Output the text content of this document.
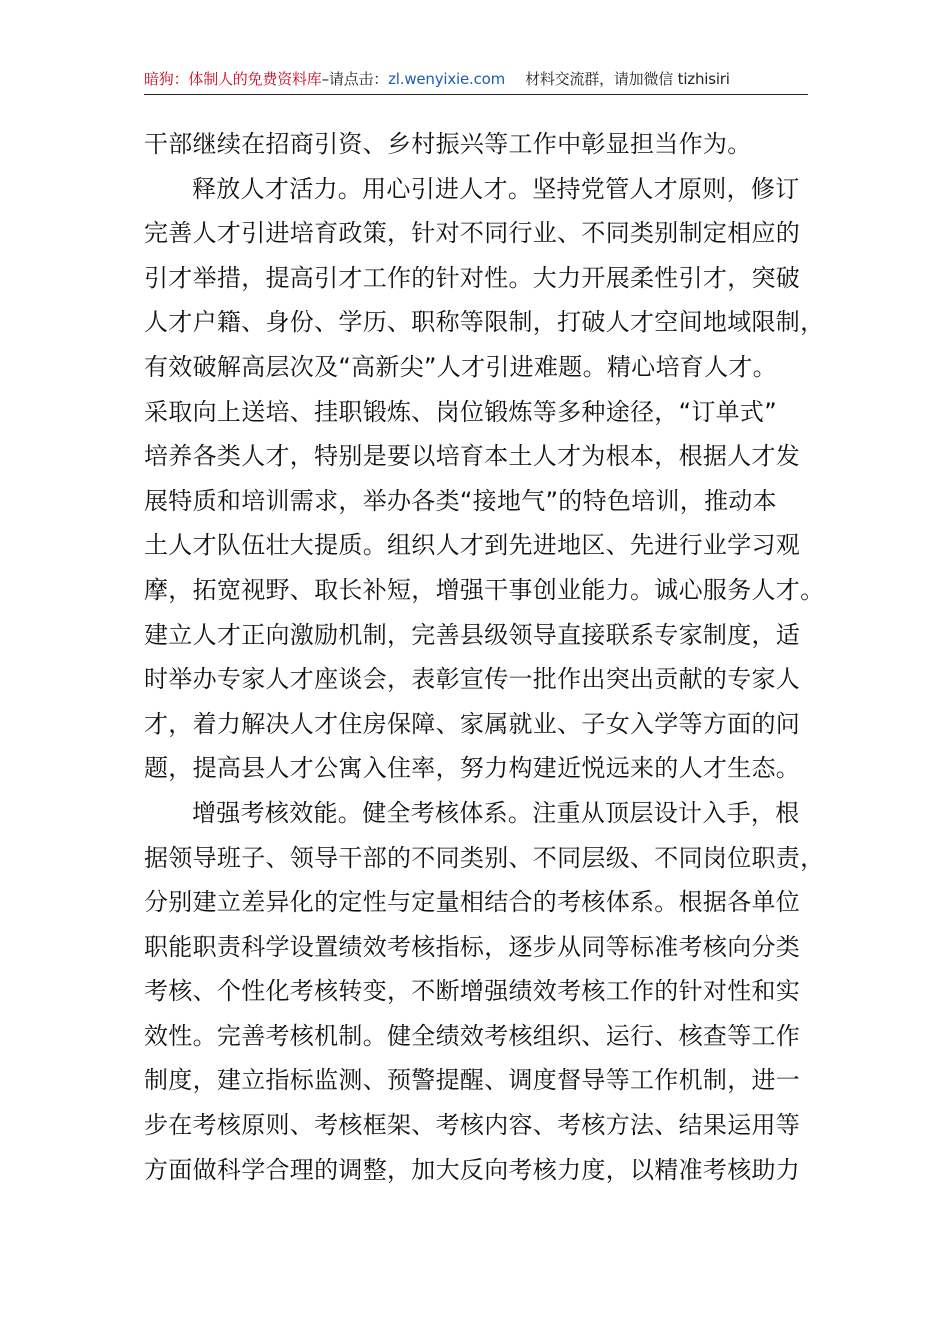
暗狗：体制人的免费资料库–请点击：zl.wenyixie.com 材料交流群，请加微信 tizhisiri
干部继续在招商引资、乡村振兴等工作中彰显担当作为。
释放人才活力。用心引进人才。坚持党管人才原则，修订
完善人才引进培育政策，针对不同行业、不同类别制定相应的
引才举措，提高引才工作的针对性。大力开展柔性引才，突破
人才户籍、身份、学历、职称等限制，打破人才空间地域限制，
有效破解高层次及“高新尖”人才引进难题。精心培育人才。
采取向上送培、挂职锻炼、岗位锻炼等多种途径，“订单式”
培养各类人才，特别是要以培育本土人才为根本，根据人才发
展特质和培训需求，举办各类“接地气”的特色培训，推动本
土人才队伍壮大提质。组织人才到先进地区、先进行业学习观
摩，拓宽视野、取长补短，增强干事创业能力。诚心服务人才。
建立人才正向激励机制，完善县级领导直接联系专家制度，适
时举办专家人才座谈会，表彰宣传一批作出突出贡献的专家人
才，着力解决人才住房保障、家属就业、子女入学等方面的问
题，提高县人才公寓入住率，努力构建近悦远来的人才生态。
增强考核效能。健全考核体系。注重从顶层设计入手，根
据领导班子、领导干部的不同类别、不同层级、不同岗位职责，
分别建立差异化的定性与定量相结合的考核体系。根据各单位
职能职责科学设置绩效考核指标，逐步从同等标准考核向分类
考核、个性化考核转变，不断增强绩效考核工作的针对性和实
效性。完善考核机制。健全绩效考核组织、运行、核查等工作
制度，建立指标监测、预警提醒、调度督导等工作机制，进一
步在考核原则、考核框架、考核内容、考核方法、结果运用等
方面做科学合理的调整，加大反向考核力度，以精准考核助力
